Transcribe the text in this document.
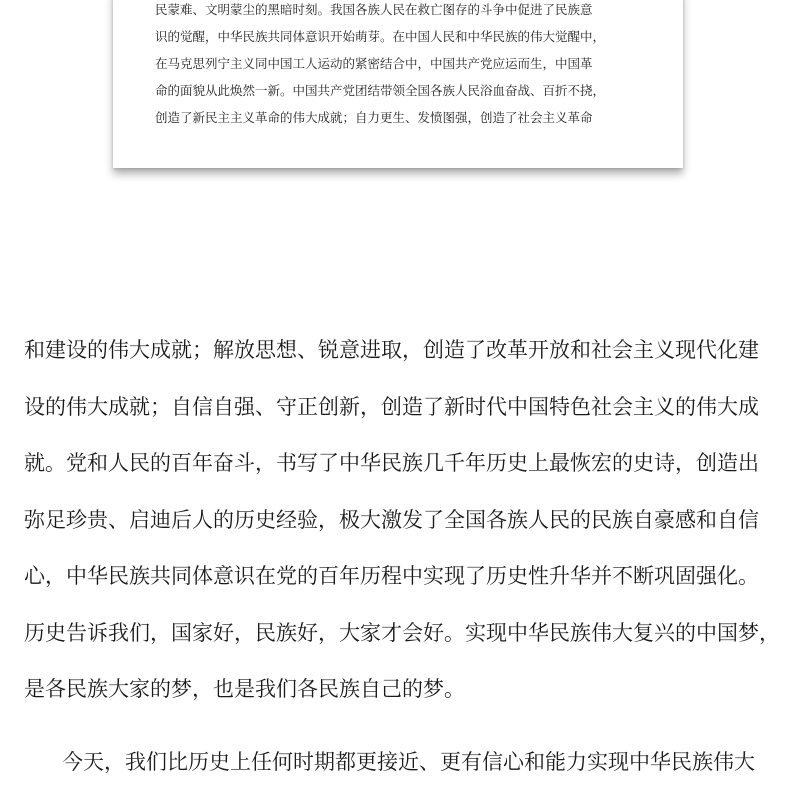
民蒙难、文明蒙尘的黑暗时刻。我国各族人民在救亡图存的斗争中促进了民族意
识的觉醒，中华民族共同体意识开始萌芽。在中国人民和中华民族的伟大觉醒中，
在马克思列宁主义同中国工人运动的紧密结合中，中国共产党应运而生，中国革
命的面貌从此焕然一新。中国共产党团结带领全国各族人民浴血奋战、百折不挠，
创造了新民主主义革命的伟大成就；自力更生、发愤图强，创造了社会主义革命
和建设的伟大成就；解放思想、锐意进取，创造了改革开放和社会主义现代化建
设的伟大成就；自信自强、守正创新，创造了新时代中国特色社会主义的伟大成
就。党和人民的百年奋斗，书写了中华民族几千年历史上最恢宏的史诗，创造出
弥足珍贵、启迪后人的历史经验，极大激发了全国各族人民的民族自豪感和自信
心，中华民族共同体意识在党的百年历程中实现了历史性升华并不断巩固强化。
历史告诉我们，国家好，民族好，大家才会好。实现中华民族伟大复兴的中国梦，
是各民族大家的梦，也是我们各民族自己的梦。
今天，我们比历史上任何时期都更接近、更有信心和能力实现中华民族伟大
